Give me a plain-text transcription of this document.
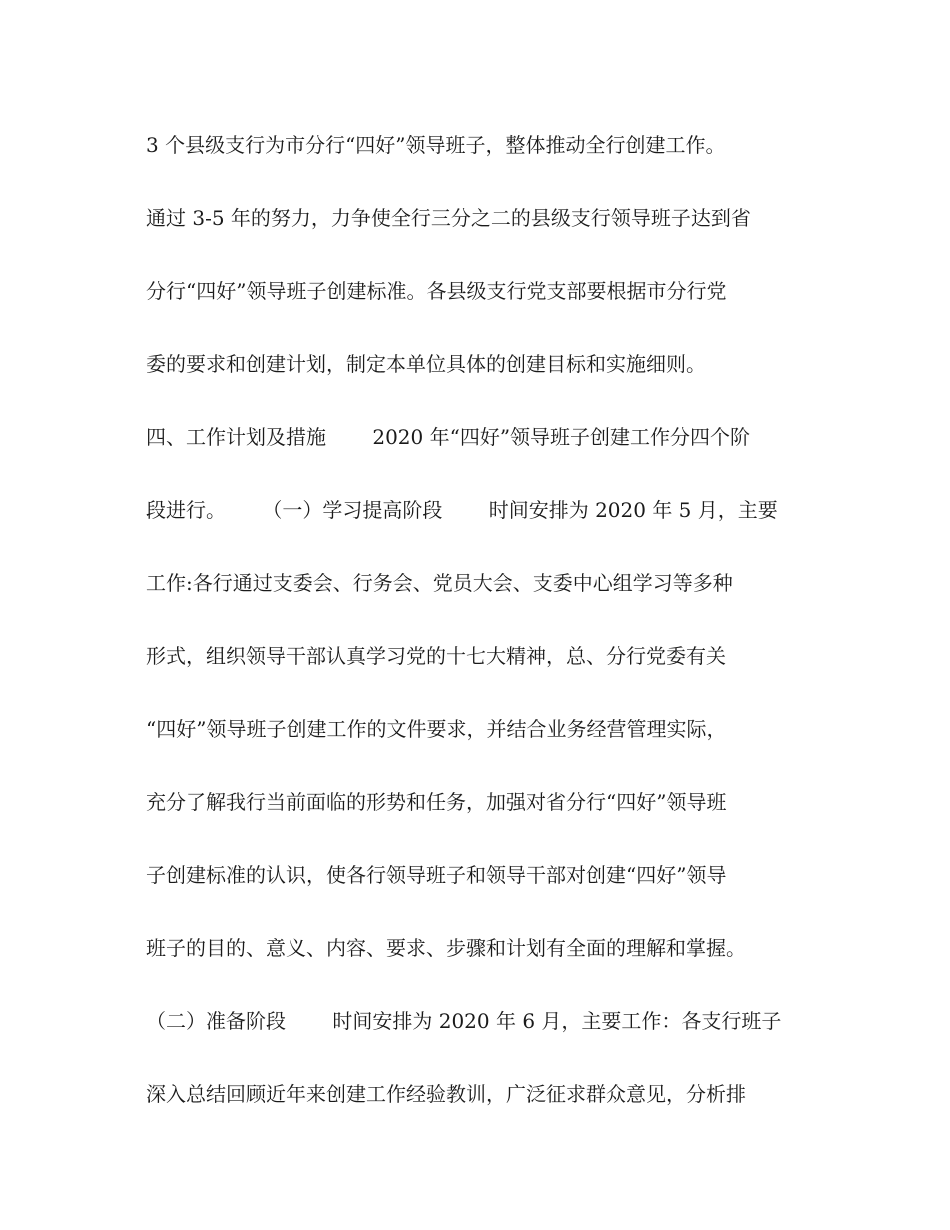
3 个县级支行为市分行“四好”领导班子，整体推动全行创建工作。
通过 3-5 年的努力，力争使全行三分之二的县级支行领导班子达到省
分行“四好”领导班子创建标准。各县级支行党支部要根据市分行党
委的要求和创建计划，制定本单位具体的创建目标和实施细则。
四、工作计划及措施　　 2020 年“四好”领导班子创建工作分四个阶
段进行。　　 （一）学习提高阶段　　 时间安排为 2020 年 5 月，主要
工作:各行通过支委会、行务会、党员大会、支委中心组学习等多种
形式，组织领导干部认真学习党的十七大精神，总、分行党委有关
“四好”领导班子创建工作的文件要求，并结合业务经营管理实际，
充分了解我行当前面临的形势和任务，加强对省分行“四好”领导班
子创建标准的认识，使各行领导班子和领导干部对创建“四好”领导
班子的目的、意义、内容、要求、步骤和计划有全面的理解和掌握。
（二）准备阶段　　 时间安排为 2020 年 6 月，主要工作：各支行班子
深入总结回顾近年来创建工作经验教训，广泛征求群众意见，分析排
